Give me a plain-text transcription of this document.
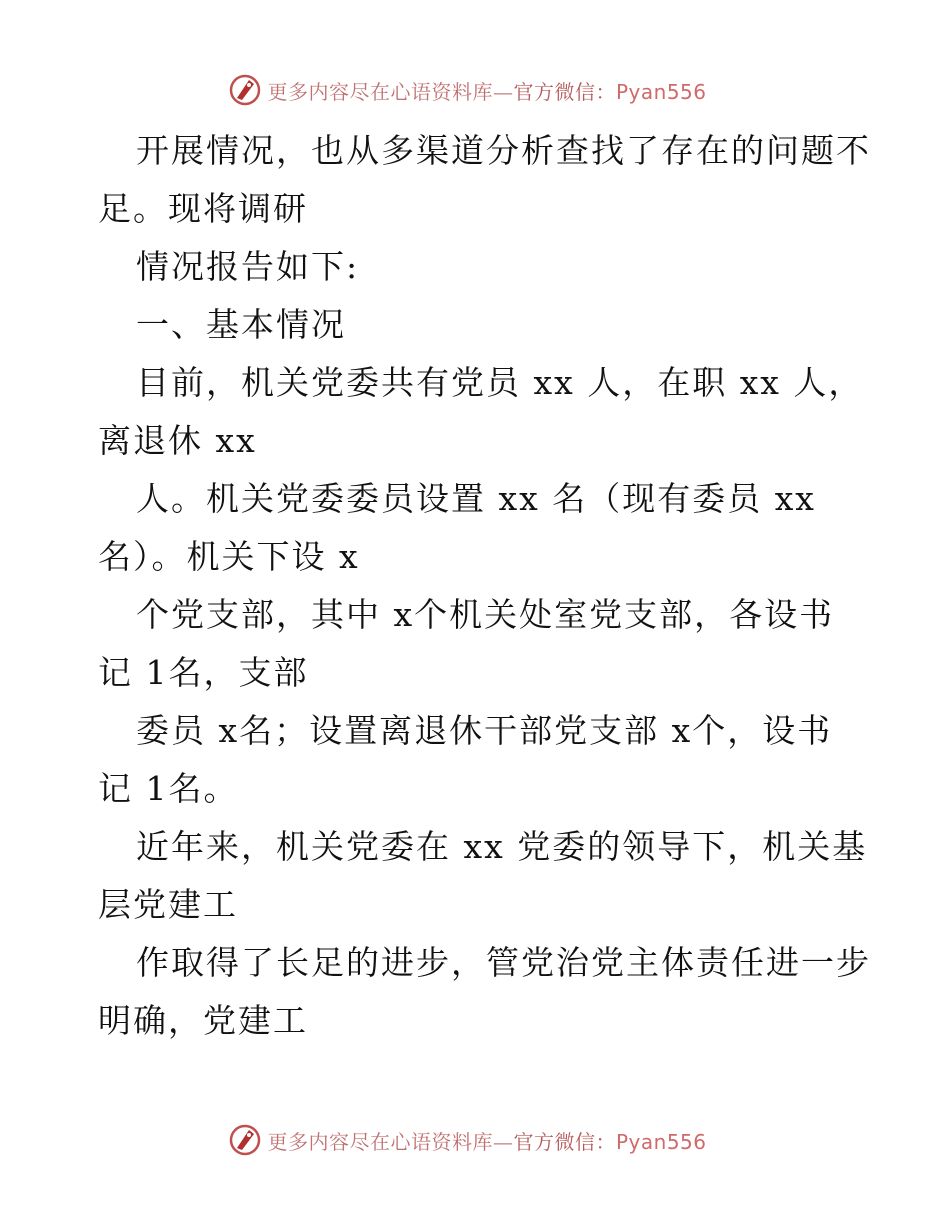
更多内容尽在心语资料库—官方微信：Pyan556
开展情况，也从多渠道分析查找了存在的问题不
足。现将调研
情况报告如下:
一、基本情况
目前，机关党委共有党员 xx 人，在职 xx 人，
离退休 xx
人。机关党委委员设置 xx 名（现有委员 xx
名）。机关下设 x
个党支部，其中 x个机关处室党支部，各设书
记 1名，支部
委员 x名；设置离退休干部党支部 x个，设书
记 1名。
近年来，机关党委在 xx 党委的领导下，机关基
层党建工
作取得了长足的进步，管党治党主体责任进一步
明确，党建工
更多内容尽在心语资料库—官方微信：Pyan556
